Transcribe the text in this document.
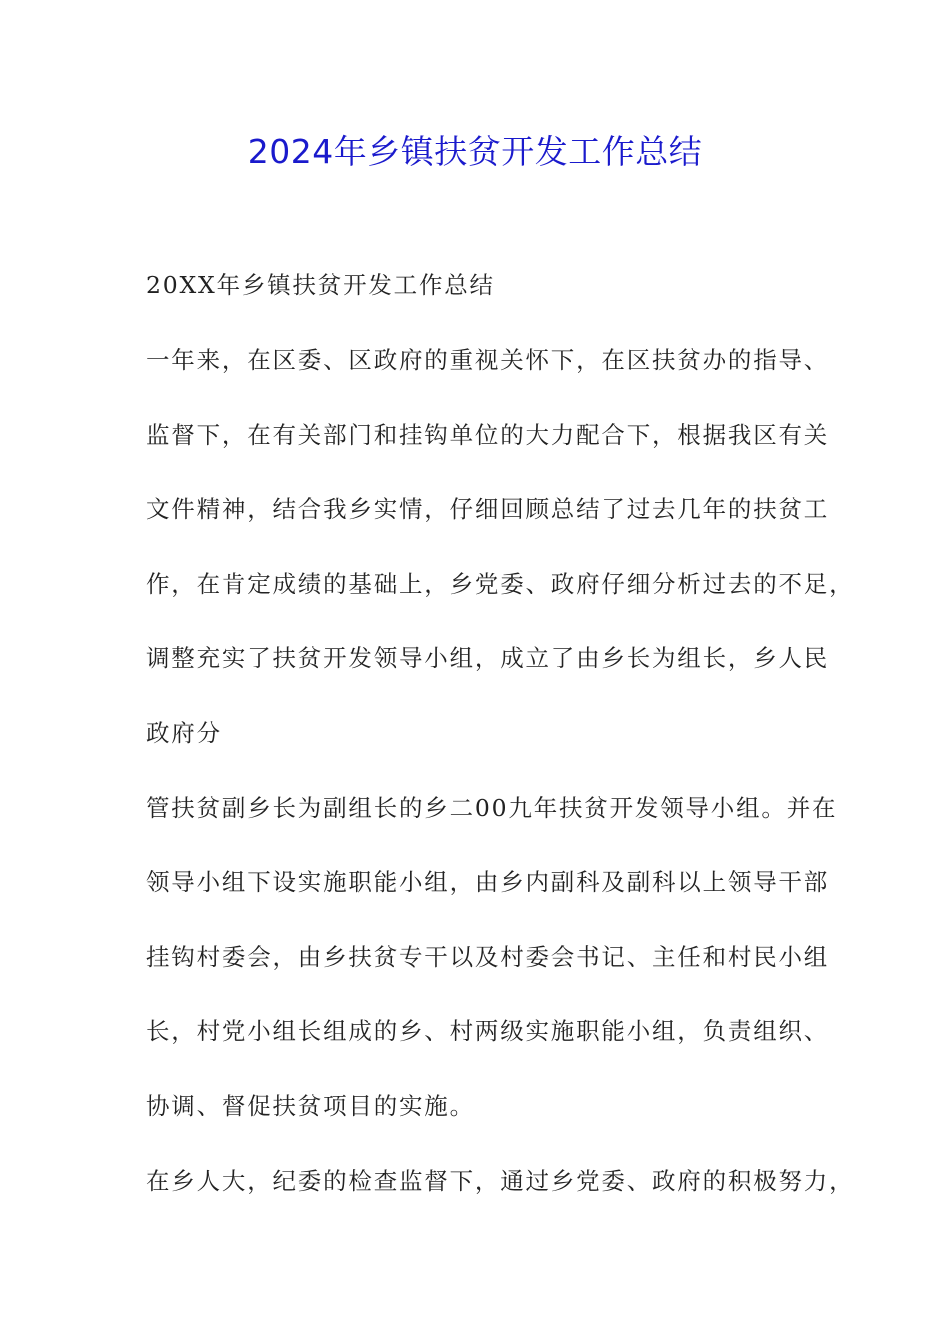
2024年乡镇扶贫开发工作总结
20XX年乡镇扶贫开发工作总结
一年来，在区委、区政府的重视关怀下，在区扶贫办的指导、
监督下，在有关部门和挂钩单位的大力配合下，根据我区有关
文件精神，结合我乡实情，仔细回顾总结了过去几年的扶贫工
作，在肯定成绩的基础上，乡党委、政府仔细分析过去的不足，
调整充实了扶贫开发领导小组，成立了由乡长为组长，乡人民
政府分
管扶贫副乡长为副组长的乡二00九年扶贫开发领导小组。并在
领导小组下设实施职能小组，由乡内副科及副科以上领导干部
挂钩村委会，由乡扶贫专干以及村委会书记、主任和村民小组
长，村党小组长组成的乡、村两级实施职能小组，负责组织、
协调、督促扶贫项目的实施。
在乡人大，纪委的检查监督下，通过乡党委、政府的积极努力，
